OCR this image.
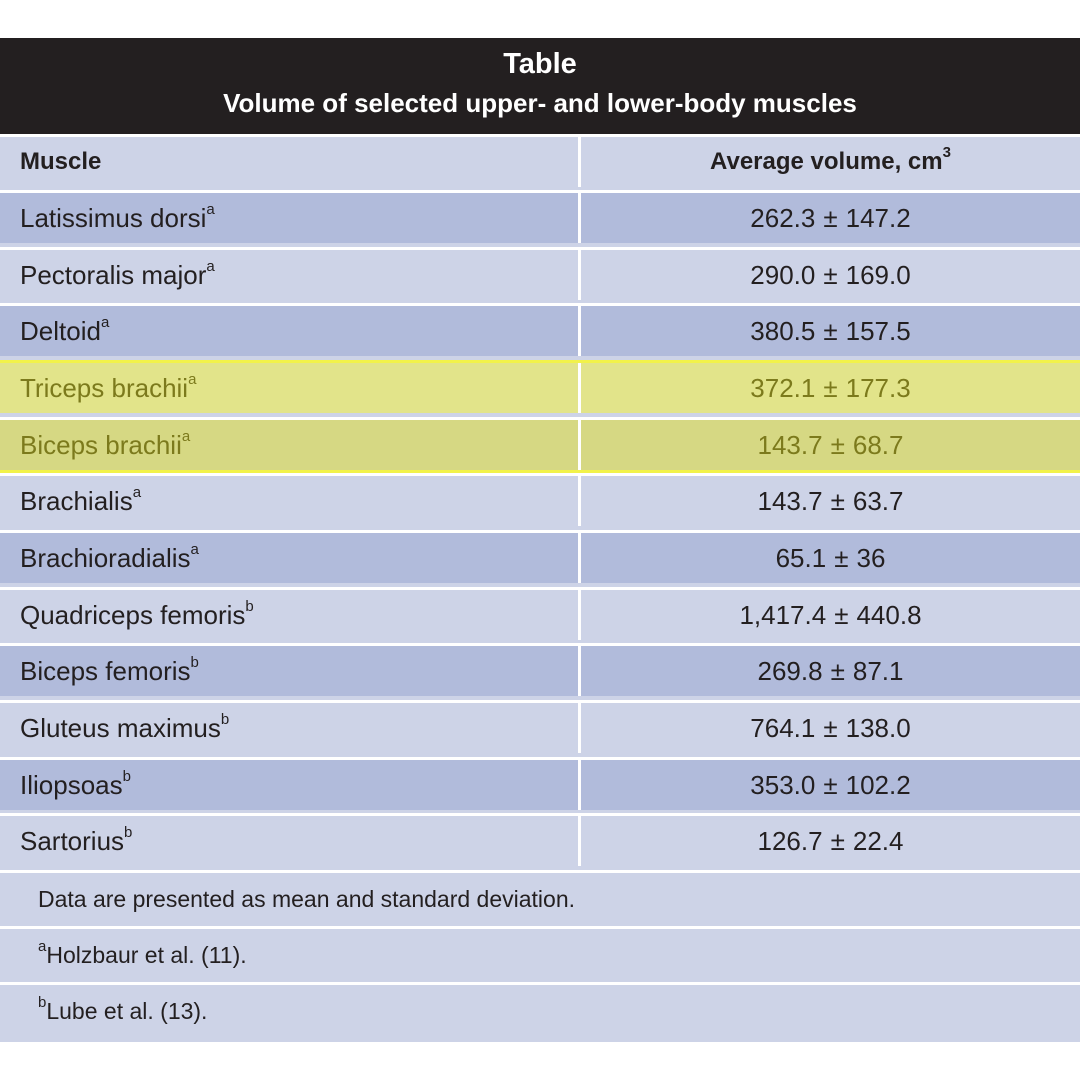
Table
Volume of selected upper- and lower-body muscles
Muscle	Average volume, $cm^3$
Latissimus dorsi$^a$	262.3 ± 147.2
Pectoralis major$^a$	290.0 ± 169.0
Deltoid$^a$	380.5 ± 157.5
Triceps brachii$^a$	372.1 ± 177.3
Biceps brachii$^a$	143.7 ± 68.7
Brachialis$^a$	143.7 ± 63.7
Brachioradialis$^a$	65.1 ± 36
Quadriceps femoris$^b$	1,417.4 ± 440.8
Biceps femoris$^b$	269.8 ± 87.1
Gluteus maximus$^b$	764.1 ± 138.0
Iliopsoas$^b$	353.0 ± 102.2
Sartorius$^b$	126.7 ± 22.4
Data are presented as mean and standard deviation.
$^a$Holzbaur et al. (11).
$^b$Lube et al. (13).
